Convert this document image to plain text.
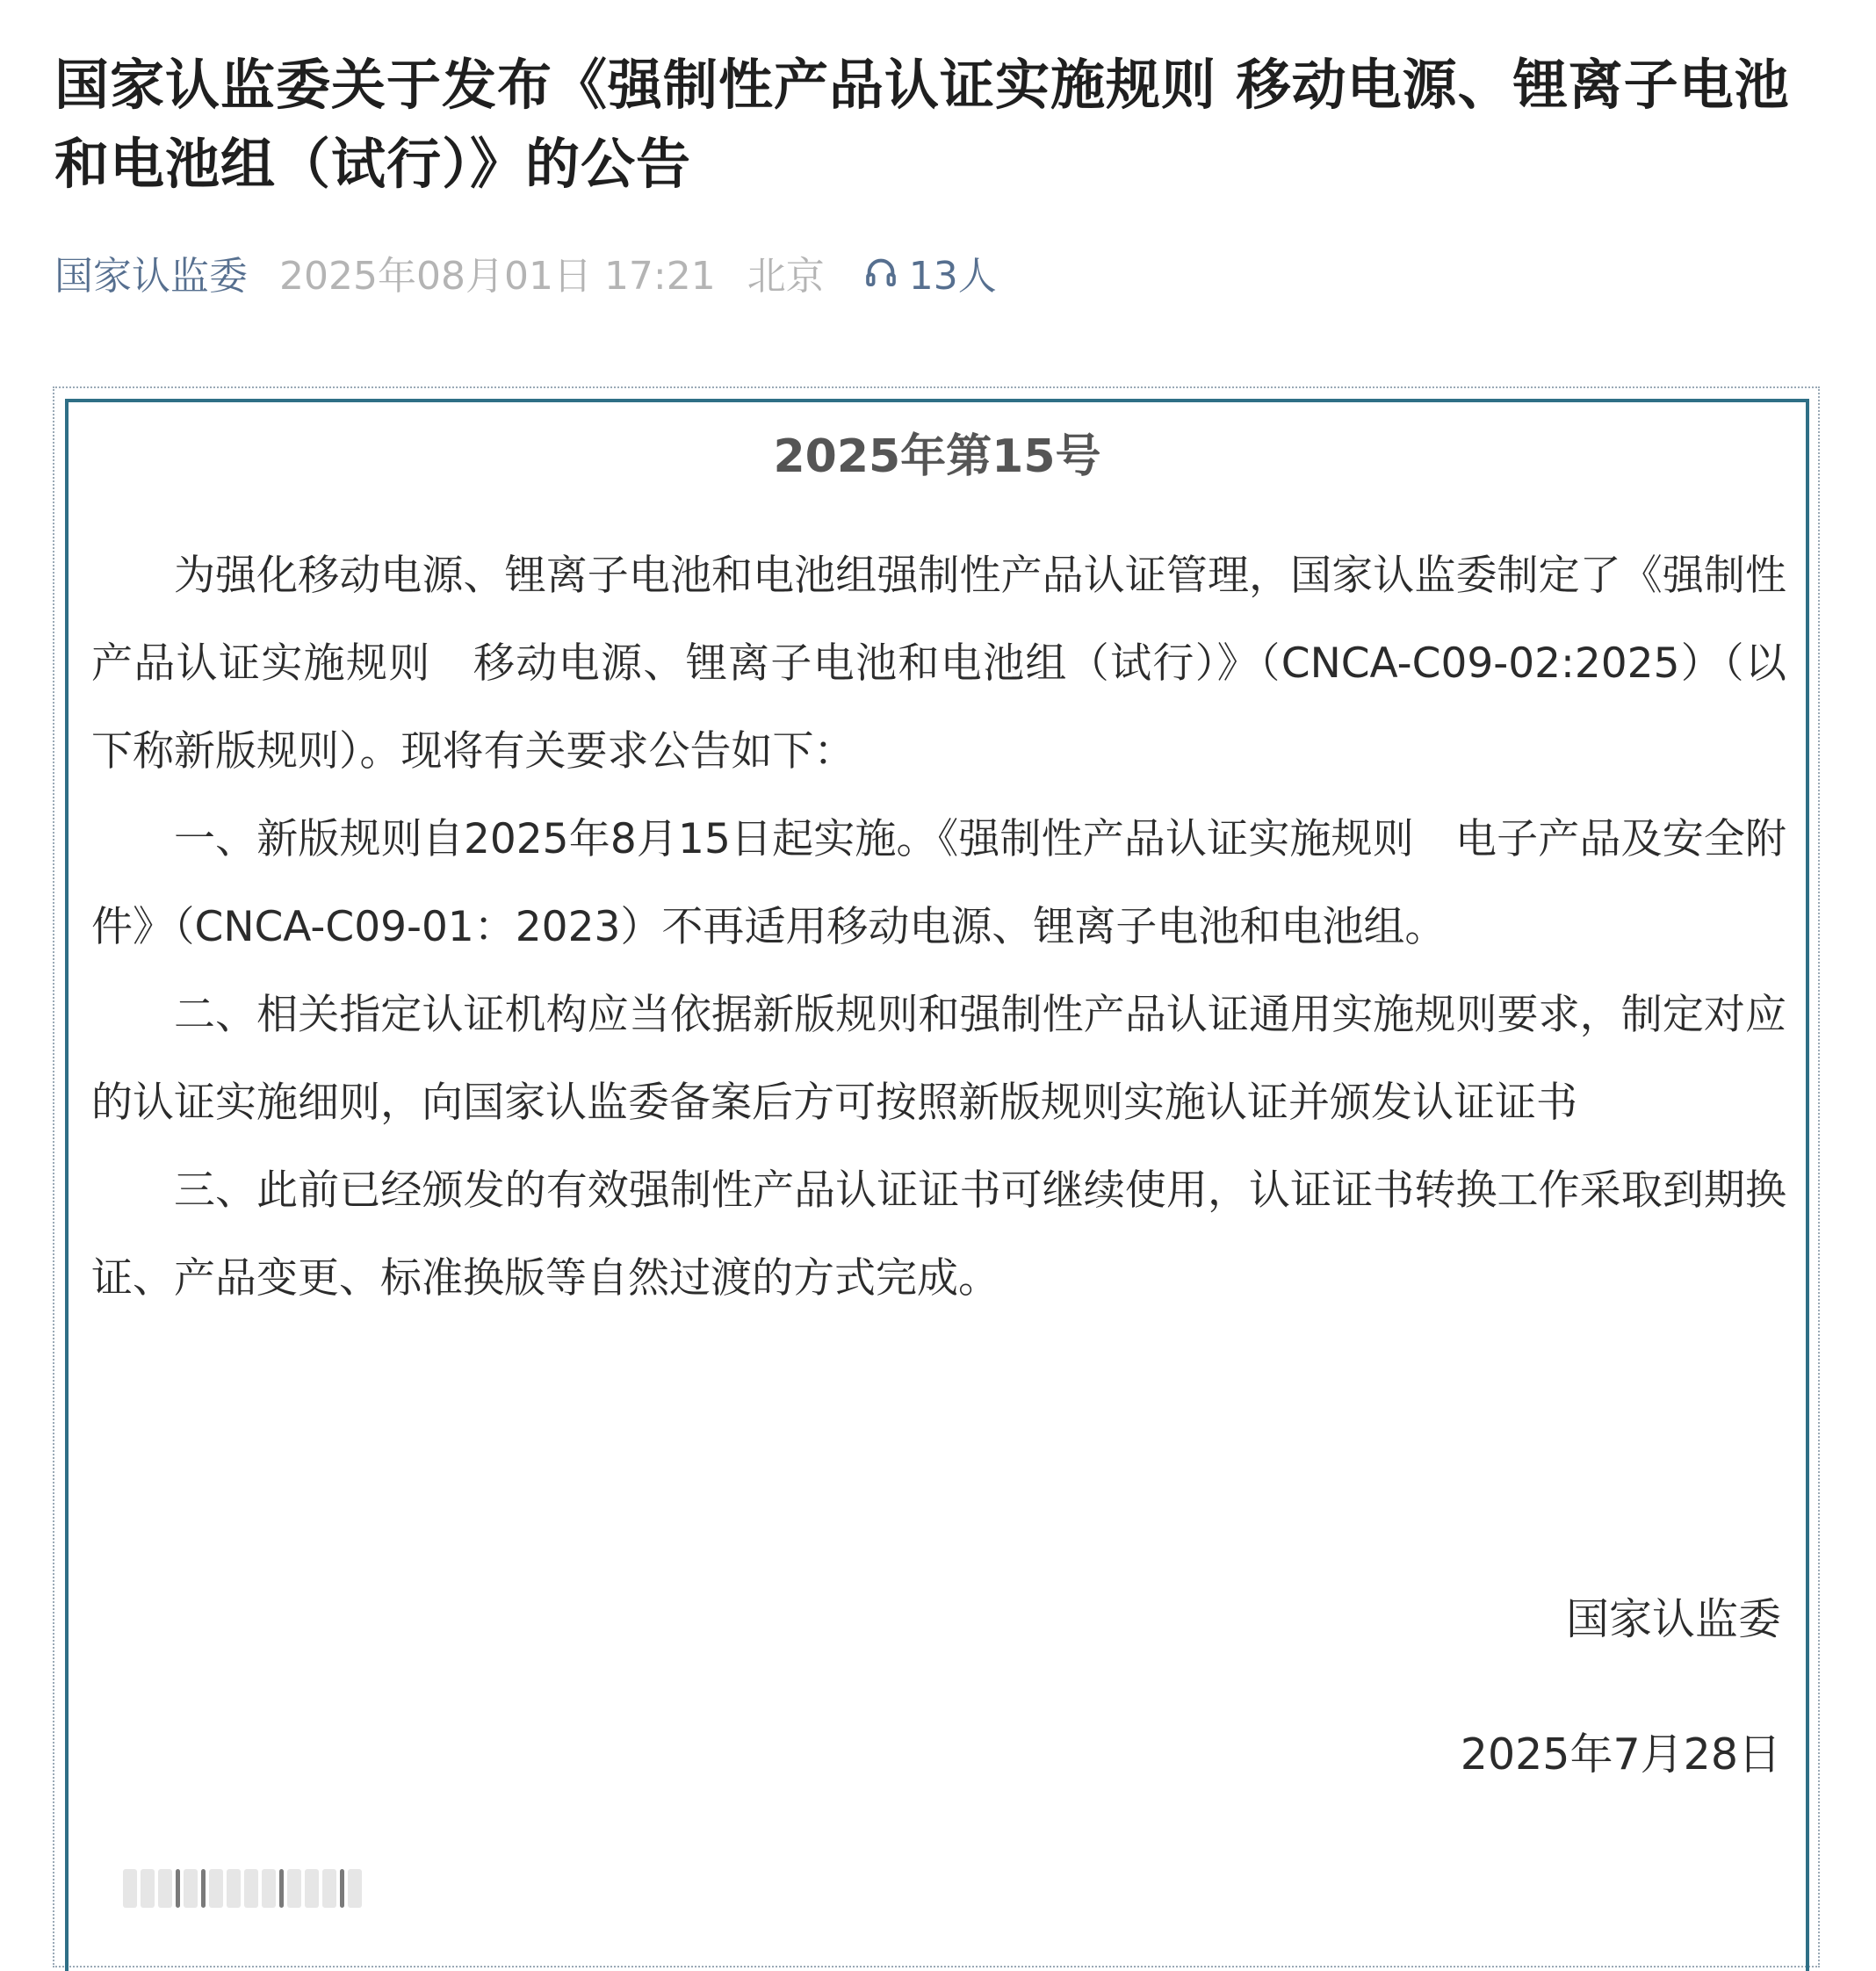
国家认监委关于发布《强制性产品认证实施规则 移动电源、锂离子电池和电池组（试行）》的公告
国家认监委 2025年08月01日 17:21 北京 13人
2025年第15号

为强化移动电源、锂离子电池和电池组强制性产品认证管理，国家认监委制定了《强制性产品认证实施规则　移动电源、锂离子电池和电池组（试行）》（CNCA-C09-02:2025）（以下称新版规则）。现将有关要求公告如下：

一、新版规则自2025年8月15日起实施。《强制性产品认证实施规则　电子产品及安全附件》（CNCA-C09-01：2023）不再适用移动电源、锂离子电池和电池组。

二、相关指定认证机构应当依据新版规则和强制性产品认证通用实施规则要求，制定对应的认证实施细则，向国家认监委备案后方可按照新版规则实施认证并颁发认证证书

三、此前已经颁发的有效强制性产品认证证书可继续使用，认证证书转换工作采取到期换证、产品变更、标准换版等自然过渡的方式完成。

国家认监委
2025年7月28日
